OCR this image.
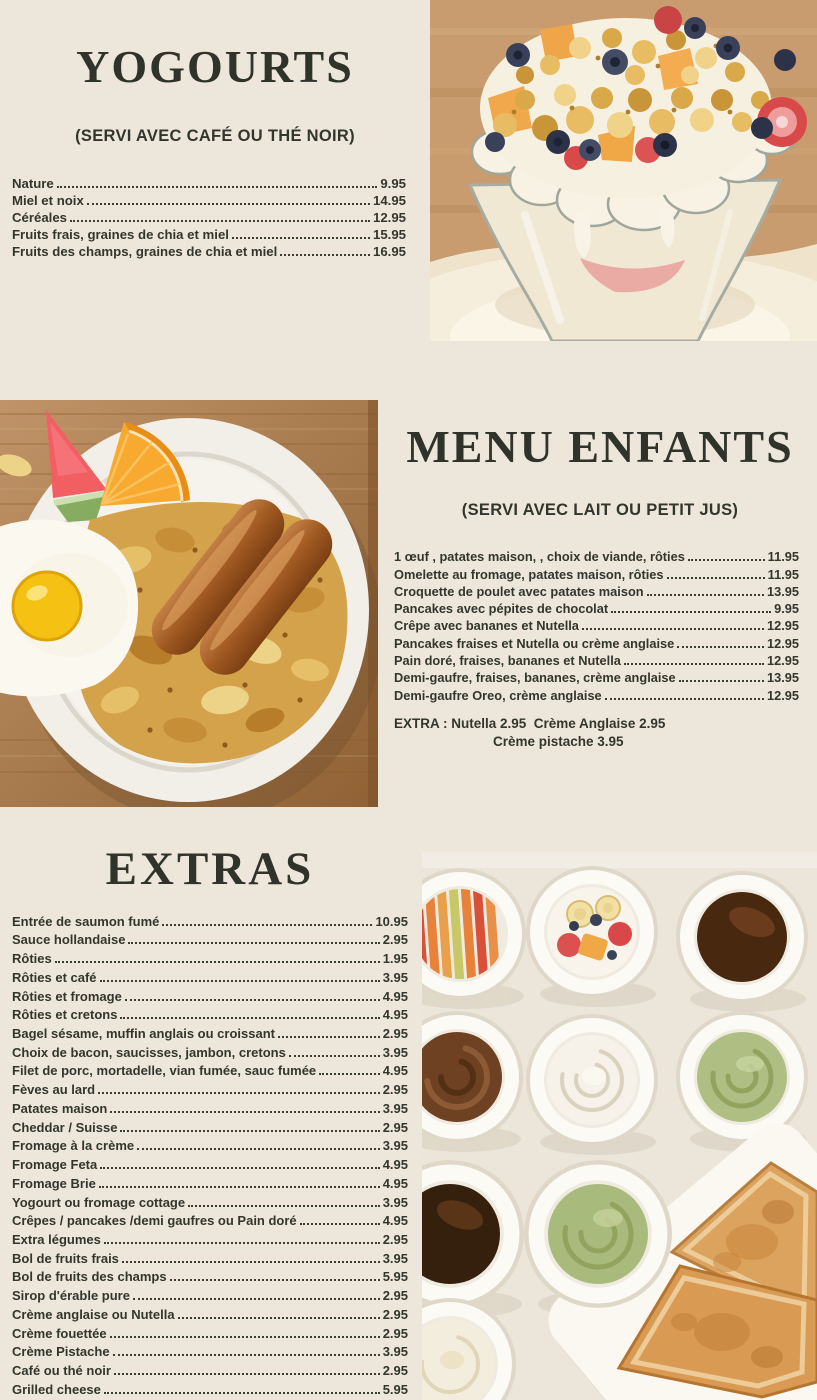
YOGOURTS
(SERVI AVEC CAFÉ OU THÉ NOIR)
Nature	9.95
Miel et noix	14.95
Céréales	12.95
Fruits frais, graines de chia et miel	15.95
Fruits des champs, graines de chia et miel	16.95
MENU ENFANTS
(SERVI AVEC LAIT OU PETIT JUS)
1 œuf , patates maison, , choix de viande, rôties	11.95
Omelette au fromage, patates maison, rôties	11.95
Croquette de poulet avec patates maison	13.95
Pancakes avec pépites de chocolat	9.95
Crêpe avec bananes et Nutella	12.95
Pancakes fraises et Nutella ou crème anglaise	12.95
Pain doré, fraises, bananes et Nutella	12.95
Demi-gaufre, fraises, bananes, crème anglaise	13.95
Demi-gaufre Oreo, crème anglaise	12.95
EXTRA : Nutella 2.95  Crème Anglaise 2.95
Crème pistache 3.95
EXTRAS
Entrée de saumon fumé	10.95
Sauce hollandaise	2.95
Rôties	1.95
Rôties et café	3.95
Rôties et fromage	4.95
Rôties et cretons	4.95
Bagel sésame, muffin anglais ou croissant	2.95
Choix de bacon, saucisses, jambon, cretons	3.95
Filet de porc, mortadelle, vian fumée, sauc fumée	4.95
Fèves au lard	2.95
Patates maison	3.95
Cheddar / Suisse	2.95
Fromage à la crème	3.95
Fromage Feta	4.95
Fromage Brie	4.95
Yogourt ou fromage cottage	3.95
Crêpes / pancakes /demi gaufres ou Pain doré	4.95
Extra légumes	2.95
Bol de fruits frais	3.95
Bol de fruits des champs	5.95
Sirop d'érable pure	2.95
Crème anglaise ou Nutella	2.95
Crème fouettée	2.95
Crème Pistache	3.95
Café ou thé noir	2.95
Grilled cheese	5.95
